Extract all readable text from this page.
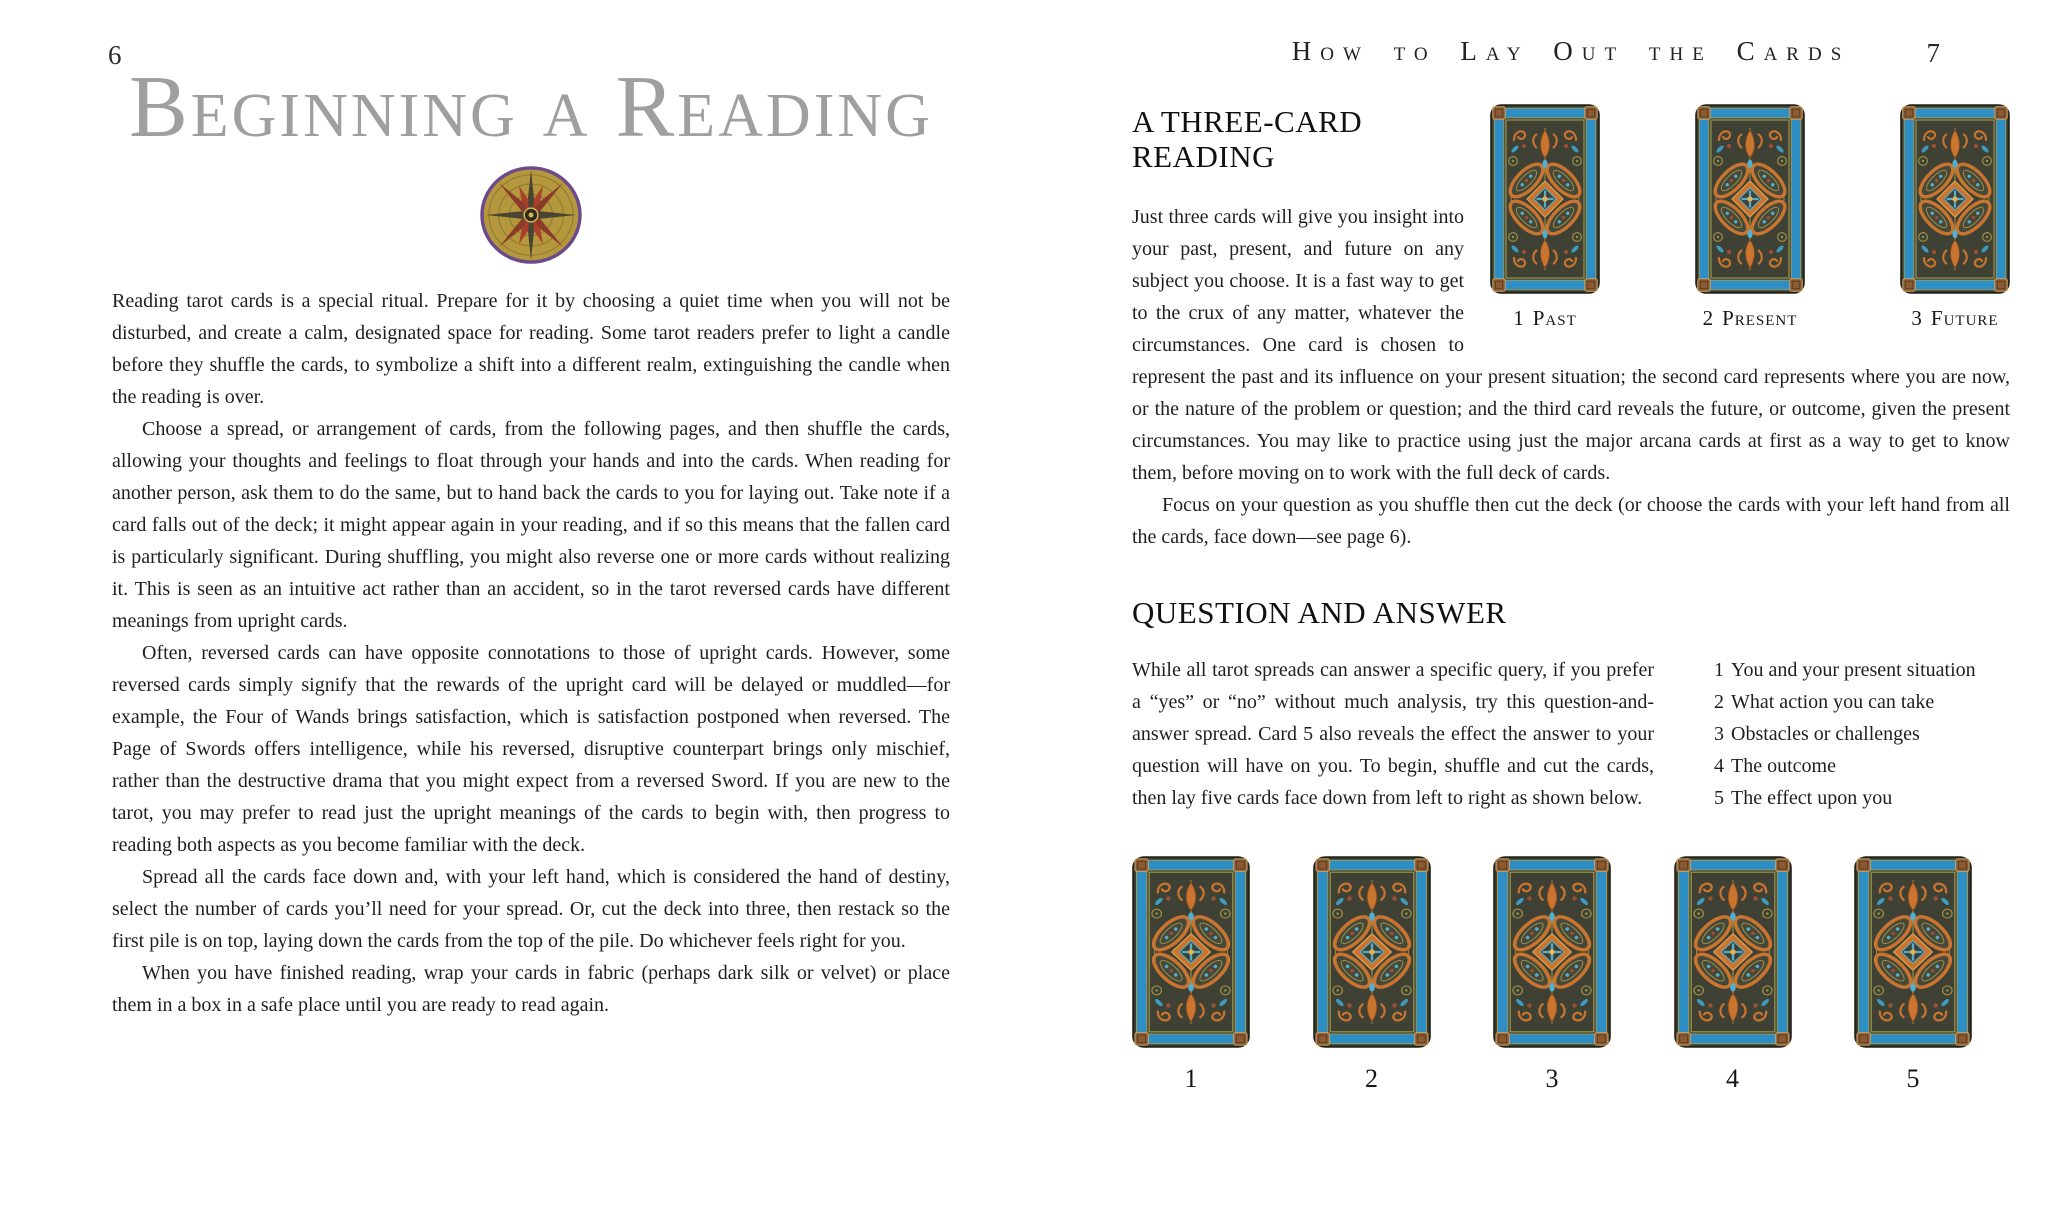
6
Beginning a Reading

Reading tarot cards is a special ritual. Prepare for it by choosing a quiet time when you will not be disturbed, and create a calm, designated space for reading. Some tarot readers prefer to light a candle before they shuffle the cards, to symbolize a shift into a different realm, extinguishing the candle when the reading is over.

Choose a spread, or arrangement of cards, from the following pages, and then shuffle the cards, allowing your thoughts and feelings to float through your hands and into the cards. When reading for another person, ask them to do the same, but to hand back the cards to you for laying out. Take note if a card falls out of the deck; it might appear again in your reading, and if so this means that the fallen card is particularly significant. During shuffling, you might also reverse one or more cards without realizing it. This is seen as an intuitive act rather than an accident, so in the tarot reversed cards have different meanings from upright cards.

Often, reversed cards can have opposite connotations to those of upright cards. However, some reversed cards simply signify that the rewards of the upright card will be delayed or muddled—for example, the Four of Wands brings satisfaction, which is satisfaction postponed when reversed. The Page of Swords offers intelligence, while his reversed, disruptive counterpart brings only mischief, rather than the destructive drama that you might expect from a reversed Sword. If you are new to the tarot, you may prefer to read just the upright meanings of the cards to begin with, then progress to reading both aspects as you become familiar with the deck.

Spread all the cards face down and, with your left hand, which is considered the hand of destiny, select the number of cards you’ll need for your spread. Or, cut the deck into three, then restack so the first pile is on top, laying down the cards from the top of the pile. Do whichever feels right for you.

When you have finished reading, wrap your cards in fabric (perhaps dark silk or velvet) or place them in a box in a safe place until you are ready to read again.

How to Lay Out the Cards	7
1 Past	2 Present	3 Future
A THREE-CARD READING

Just three cards will give you insight into your past, present, and future on any subject you choose. It is a fast way to get to the crux of any matter, whatever the circumstances. One card is chosen to represent the past and its influence on your present situation; the second card represents where you are now, or the nature of the problem or question; and the third card reveals the future, or outcome, given the present circumstances. You may like to practice using just the major arcana cards at first as a way to get to know them, before moving on to work with the full deck of cards.

Focus on your question as you shuffle then cut the deck (or choose the cards with your left hand from all the cards, face down—see page 6).

QUESTION AND ANSWER

While all tarot spreads can answer a specific query, if you prefer a “yes” or “no” without much analysis, try this question-and-answer spread. Card 5 also reveals the effect the answer to your question will have on you. To begin, shuffle and cut the cards, then lay five cards face down from left to right as shown below.

1 You and your present situation
2 What action you can take
3 Obstacles or challenges
4 The outcome
5 The effect upon you
1	2	3	4	5
